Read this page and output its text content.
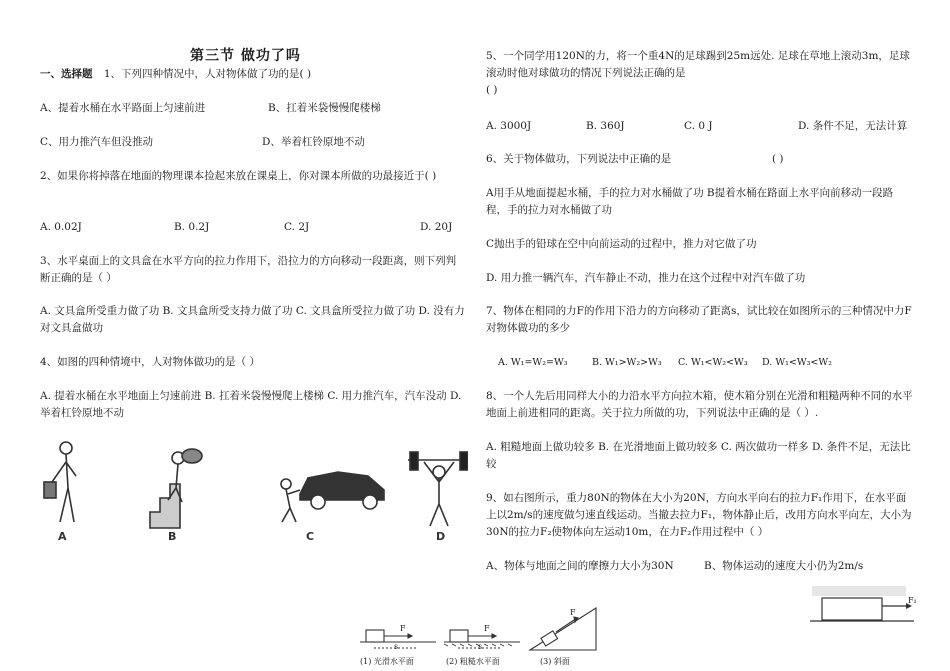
第三节 做功了吗
一、选择题 1、下列四种情况中，人对物体做了功的是( )
A、提着水桶在水平路面上匀速前进	B、扛着米袋慢慢爬楼梯
C、用力推汽车但没推动	D、举着杠铃原地不动
2、如果你将掉落在地面的物理课本捡起来放在课桌上，你对课本所做的功最接近于( )
A. 0.02J	B. 0.2J	C. 2J	D. 20J
3、水平桌面上的文具盒在水平方向的拉力作用下，沿拉力的方向移动一段距离，则下列判断正确的是（ ）
A. 文具盒所受重力做了功 B. 文具盒所受支持力做了功 C. 文具盒所受拉力做了功 D. 没有力对文具盒做功
4、如图的四种情境中，人对物体做功的是（ ）
A. 提着水桶在水平地面上匀速前进 B. 扛着米袋慢慢爬上楼梯 C. 用力推汽车，汽车没动 D. 举着杠铃原地不动
A	B	C	D
5、一个同学用120N的力，将一个重4N的足球踢到25m远处. 足球在草地上滚动3m，足球滚动时他对球做功的情况下列说法正确的是
( )
A. 3000J	B. 360J	C. 0 J	D. 条件不足，无法计算
6、关于物体做功，下列说法中正确的是	( )
A用手从地面提起水桶，手的拉力对水桶做了功 B提着水桶在路面上水平向前移动一段路程，手的拉力对水桶做了功
C抛出手的铅球在空中向前运动的过程中，推力对它做了功
D. 用力推一辆汽车，汽车静止不动，推力在这个过程中对汽车做了功
7、物体在相同的力F的作用下沿力的方向移动了距离s，试比较在如图所示的三种情况中力F对物体做功的多少
A. W₁=W₂=W₃	B. W₁>W₂>W₃ C. W₁<W₂<W₃ D. W₁<W₃<W₂
8、一个人先后用同样大小的力沿水平方向拉木箱，使木箱分别在光滑和粗糙两种不同的水平地面上前进相同的距离。关于拉力所做的功，下列说法中正确的是（ ）.
A. 粗糙地面上做功较多 B. 在光滑地面上做功较多 C. 两次做功一样多 D. 条件不足，无法比较
9、如右图所示，重力80N的物体在大小为20N，方向水平向右的拉力F₁作用下，在水平面上以2m/s的速度做匀速直线运动。当撤去拉力F₁，物体静止后，改用方向水平向左，大小为30N的拉力F₂使物体向左运动10m，在力F₂作用过程中（ ）
A、物体与地面之间的摩擦力大小为30N	B、物体运动的速度大小仍为2m/s
F₁
F
s
F
s
F
(1) 光滑水平面	(2) 粗糙水平面	(3) 斜面
